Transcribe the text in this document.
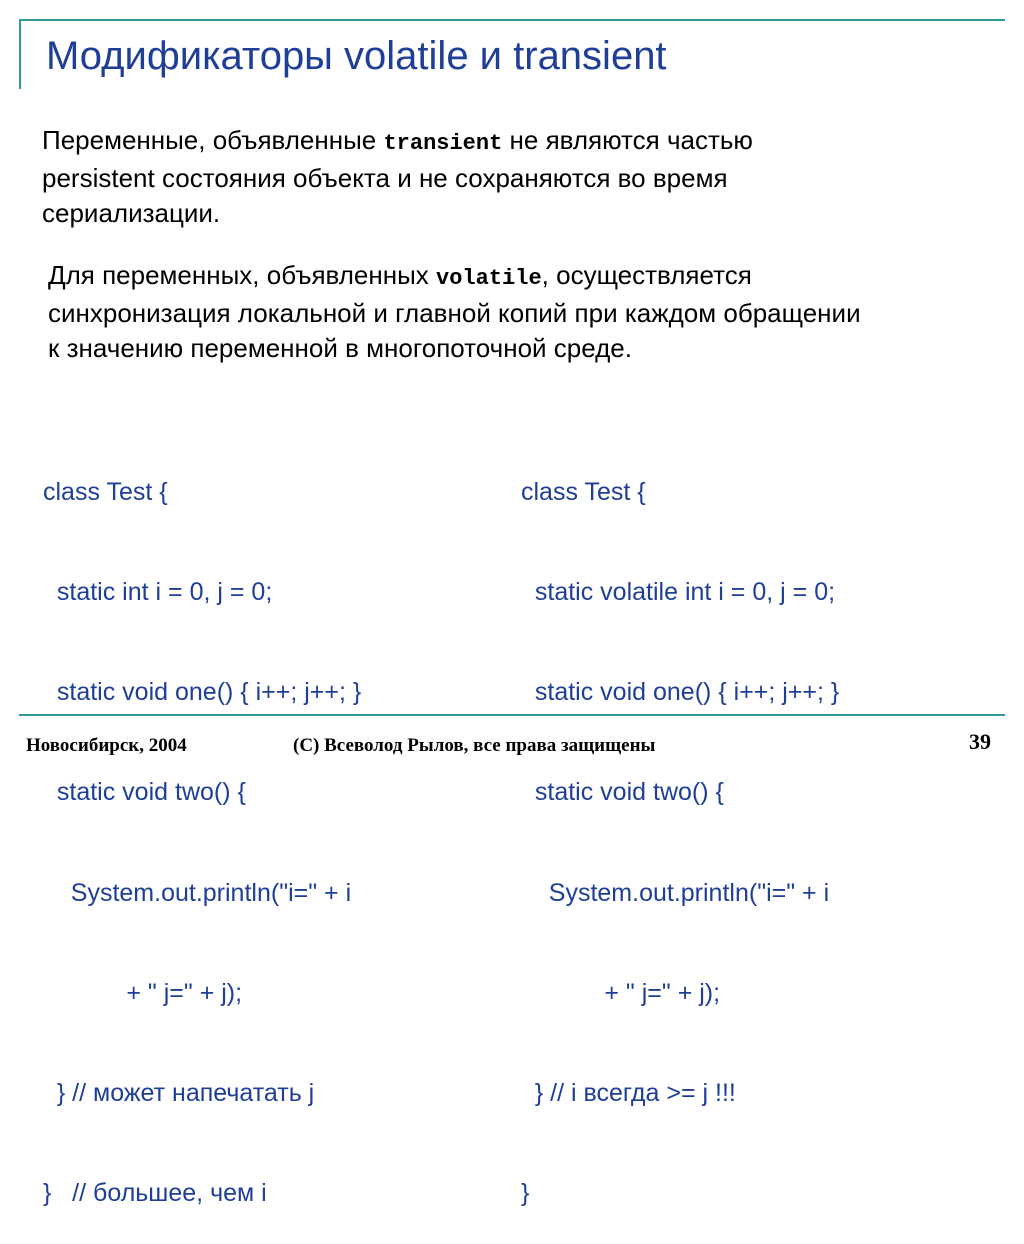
Модификаторы volatile и transient
Переменные, объявленные transient не являются частью
persistent состояния объекта и не сохраняются во время
сериализации.
Для переменных, объявленных volatile, осуществляется
синхронизация локальной и главной копий при каждом обращении
к значению переменной в многопоточной среде.

class Test {

static int i = 0, j = 0;

static void one() { i++; j++; }

static void two() {

System.out.println("i=" + i

+ " j=" + j);

} // может напечатать j

}   // большее, чем i

class Test {

static volatile int i = 0, j = 0;

static void one() { i++; j++; }

static void two() {

System.out.println("i=" + i

+ " j=" + j);

} // i всегда >= j !!!

}

Новосибирск, 2004	(C) Всеволод Рылов, все права защищены	39
